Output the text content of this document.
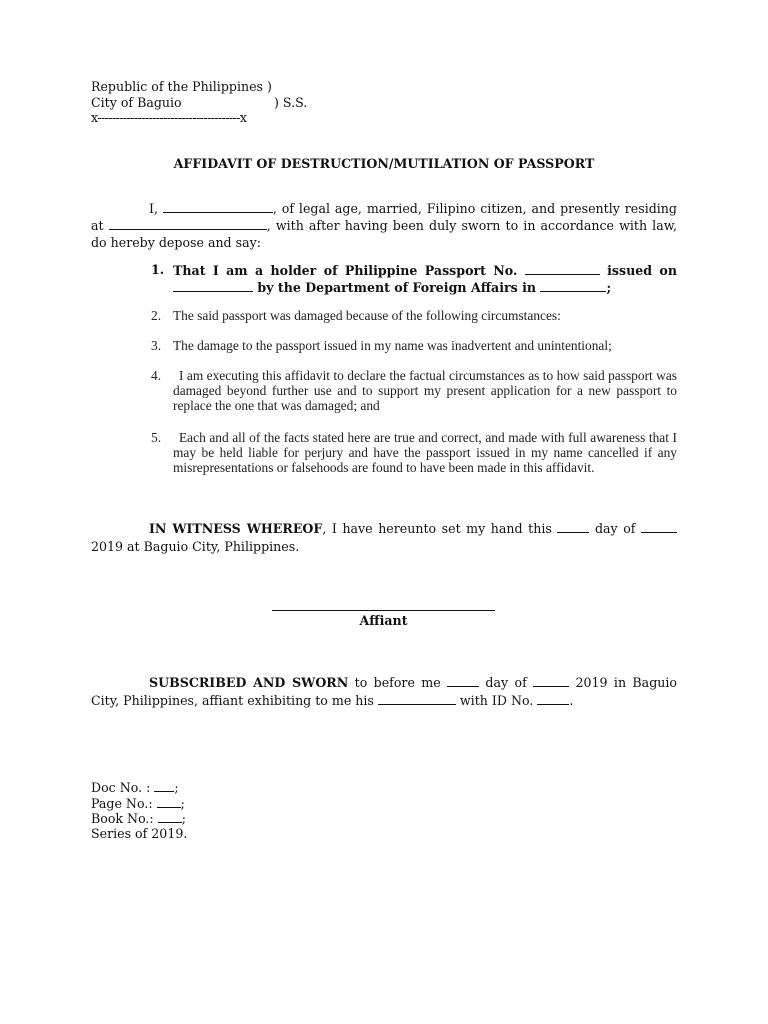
Republic of the Philippines )
City of Baguio	) S.S.
x---------------------------------------x
AFFIDAVIT OF DESTRUCTION/MUTILATION OF PASSPORT
I,	, of legal age, married, Filipino citizen, and presently residing at	, with after having been duly sworn to in accordance with law, do hereby depose and say:
1. That I am a holder of Philippine Passport No.	issued on  by the Department of Foreign Affairs in	;
2. The said passport was damaged because of the following circumstances:
3. The damage to the passport issued in my name was inadvertent and unintentional;
4.	I am executing this affidavit to declare the factual circumstances as to how said passport was damaged beyond further use and to support my present application for a new passport to replace the one that was damaged; and
5.	Each and all of the facts stated here are true and correct, and made with full awareness that I may be held liable for perjury and have the passport issued in my name cancelled if any misrepresentations or falsehoods are found to have been made in this affidavit.
IN WITNESS WHEREOF, I have hereunto set my hand this	day of  2019 at Baguio City, Philippines.
Affiant
SUBSCRIBED AND SWORN to before me	day of	2019 in Baguio City, Philippines, affiant exhibiting to me his	with ID No.	.
Doc No. : ;
Page No.: ;
Book No.: ;
Series of 2019.
